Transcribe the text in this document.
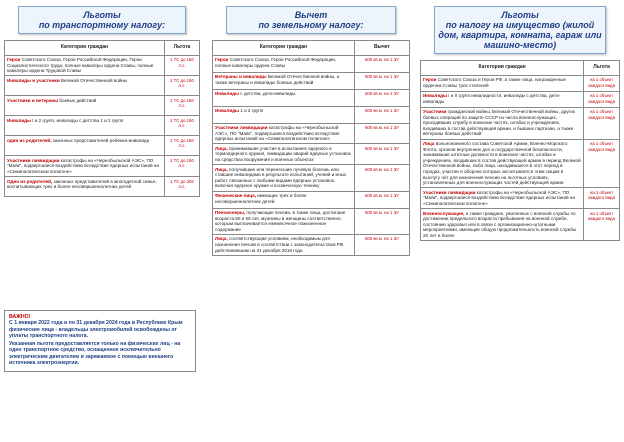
Льготы
по транспортному налогу:
Категории граждан	Льгота
Герои Советского Союза, Герои Российской Федерации, Герои Социалистического труда, полные кавалеры ордена Славы, полные кавалеры ордена Трудовой Славы	1 ТС до 150 л.с.
Инвалиды и участники Великой Отечественной войны	1 ТС до 150 л.с.
Участники и ветераны боевых действий	1 ТС до 150 л.с.
Инвалиды I и 2 групп, инвалиды с детства 1 и 2 групп	1 ТС до 150 л.с.
один из родителей, законных представителей ребёнка-инвалида	1 ТС до 150 л.с.
Участники ликвидации катастрофы на «Чернобыльской АЭС», ПО "Маяк", подвергшиеся воздействию вследствие ядерных испытаний на «Семипалатинском полигоне»	1 ТС до 150 л.с.
Один из родителей, законных представителей в многодетной семье, воспитывающих трех и более несовершеннолетних детей	1 ТС до 200 л.с.
ВАЖНО!

С 1 января 2022 года и по 31 декабря 2024 года в Республике Крым физические лица - владельцы электромобилей освобождены от уплаты транспортного налога.

Указанная льгота предоставляется только на физических лиц - на одно транспортное средство, оснащенное исключительно электрическим двигателем и заряжаемое с помощью внешнего источника электроэнергии.

Вычет
по земельному налогу:
Категории граждан	Вычет
Герои Советского Союза, Герои Российской Федерации, полные кавалеры ордена Славы	600 кв.м. на 1 ЗУ
Ветераны и инвалиды Великой Отечественной войны, а также ветераны и инвалиды боевых действий	600 кв.м. на 1 ЗУ
Инвалиды с детства, дети-инвалиды	600 кв.м. на 1 ЗУ
Инвалиды 1 и 2 групп	600 кв.м. на 1 ЗУ
Участники ликвидации катастрофы на «Чернобыльской АЭС», ПО "Маяк", подвергшиеся воздействию вследствие ядерных испытаний на «Семипалатинском полигоне»	600 кв.м. на 1 ЗУ
Лица, принимавшие участие в испытаниях ядерного и термоядерного оружия, ликвидации аварий ядерных установок на средствах вооружения и военных объектах	600 кв.м. на 1 ЗУ
Лица, получившие или перенесшие лучевую болезнь или ставшие инвалидами в результате испытаний, учений и иных работ, связанных с любыми видами ядерных установок, включая ядерное оружие и космическую технику	600 кв.м. на 1 ЗУ
Физические лица, имеющие трех и более несовершеннолетних детей	600 кв.м. на 1 ЗУ
Пенсионеры, получающие пенсии, в также лица, достигшие возраста 60 и 55 лет, мужчины и женщины соответственно, которым выплачивается ежемесячное пожизненное содержание	600 кв.м. на 1 ЗУ
Лица, соответствующие условиям, необходимым для назначения пенсии в соответствии с законодательством РФ, действовавшим на 31 декабря 2018 года	600 кв.м. на 1 ЗУ
Льготы
по налогу на имущество (жилой дом, квартира, комната, гараж или машино-место)
Категории граждан	Льгота
Герои Советского Союза и Герои РФ, а также лица, награжденные орденом Славы трех степеней	на 1 объект каждого вида
Инвалиды I и II групп инвалидности; инвалиды с детства, дети-инвалиды	на 1 объект каждого вида
Участники гражданской войны, Великой Отечественной войны, других боевых операций по защите СССР из числа военнослужащих, проходивших службу в воинских частях, штабах и учреждениях, входивших в состав действующей армии, и бывших партизан, а также ветераны боевых действий	на 1 объект каждого вида
Лица вольнонаемного состава Советской Армии, Военно-Морского Флота, органов внутренних дел и государственной безопасности, занимавшие штатные должности в воинских частях, штабах и учреждениях, входивших в состав действующей армии в период Великой Отечественной войны, либо лица, находившиеся в этот период в городах, участие в обороне которых засчитывается этим лицам в выслугу лет для назначения пенсии на льготных условиях, установленных для военнослужащих частей действующей армии	на 1 объект каждого вида
Участники ликвидации катастрофы на «Чернобыльской АЭС», ПО "Маяк", подвергшиеся воздействию вследствие ядерных испытаний на «Семипалатинском полигоне»	на 1 объект каждого вида
Военнослужащие, а также граждане, уволенные с военной службы по достижении предельного возраста пребывания на военной службе, состоянию здоровья или в связи с организационно-штатными мероприятиями, имеющие общую продолжительность военной службы 20 лет и более	на 1 объект каждого вида
